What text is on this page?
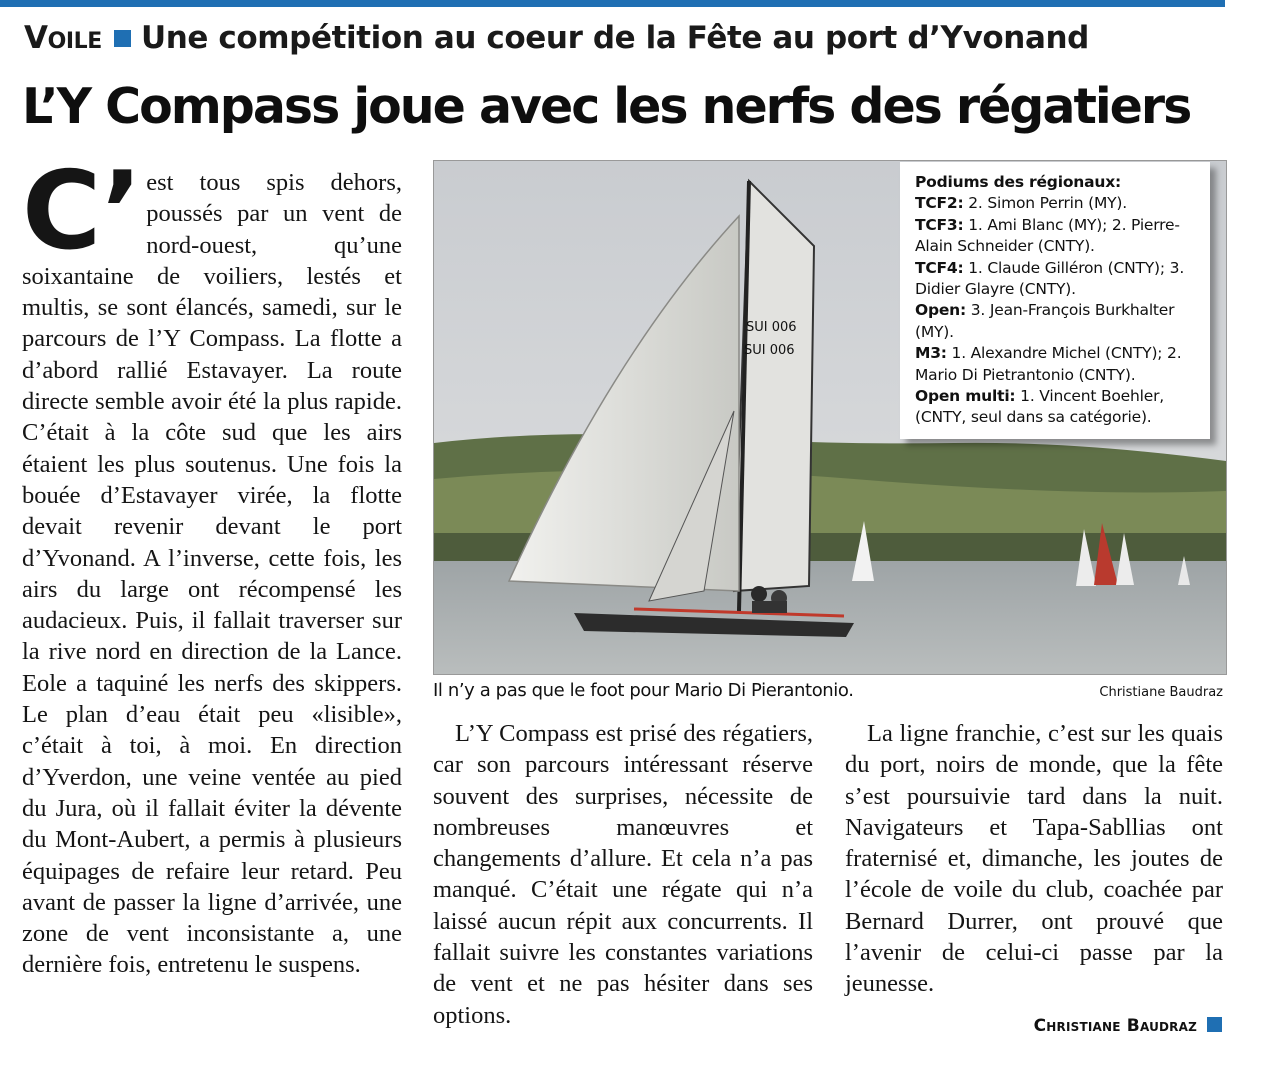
Voile Une compétition au coeur de la Fête au port d’Yvonand
L’Y Compass joue avec les nerfs des régatiers
C’ est tous spis dehors, poussés par un vent de nord-ouest, qu’une soixantaine de voiliers, lestés et multis, se sont élancés, samedi, sur le parcours de l’Y Compass. La flotte a d’abord rallié Estavayer. La route directe semble avoir été la plus rapide. C’était à la côte sud que les airs étaient les plus soutenus. Une fois la bouée d’Estavayer virée, la flotte devait revenir devant le port d’Yvonand. A l’inverse, cette fois, les airs du large ont récompensé les audacieux. Puis, il fallait traverser sur la rive nord en direction de la Lance. Eole a taquiné les nerfs des skippers. Le plan d’eau était peu «lisible», c’était à toi, à moi. En direction d’Yverdon, une veine ventée au pied du Jura, où il fallait éviter la dévente du Mont-Aubert, a permis à plusieurs équipages de refaire leur retard. Peu avant de passer la ligne d’arrivée, une zone de vent inconsistante a, une dernière fois, entretenu le suspens.
SUI 006
SUI 006
Podiums des régionaux:
TCF2: 2. Simon Perrin (MY).
TCF3: 1. Ami Blanc (MY); 2. Pierre-Alain Schneider (CNTY).
TCF4: 1. Claude Gilléron (CNTY); 3. Didier Glayre (CNTY).
Open: 3. Jean-François Burkhalter (MY).
M3: 1. Alexandre Michel (CNTY); 2. Mario Di Pietrantonio (CNTY).
Open multi: 1. Vincent Boehler, (CNTY, seul dans sa catégorie).
Il n’y a pas que le foot pour Mario Di Pierantonio.	Christiane Baudraz
L’Y Compass est prisé des régatiers, car son parcours intéressant réserve souvent des surprises, nécessite de nombreuses manœuvres et changements d’allure. Et cela n’a pas manqué. C’était une régate qui n’a laissé aucun répit aux concurrents. Il fallait suivre les constantes variations de vent et ne pas hésiter dans ses options.
La ligne franchie, c’est sur les quais du port, noirs de monde, que la fête s’est poursuivie tard dans la nuit. Navigateurs et Tapa-Sabllias ont fraternisé et, dimanche, les joutes de l’école de voile du club, coachée par Bernard Durrer, ont prouvé que l’avenir de celui-ci passe par la jeunesse.
Christiane Baudraz
